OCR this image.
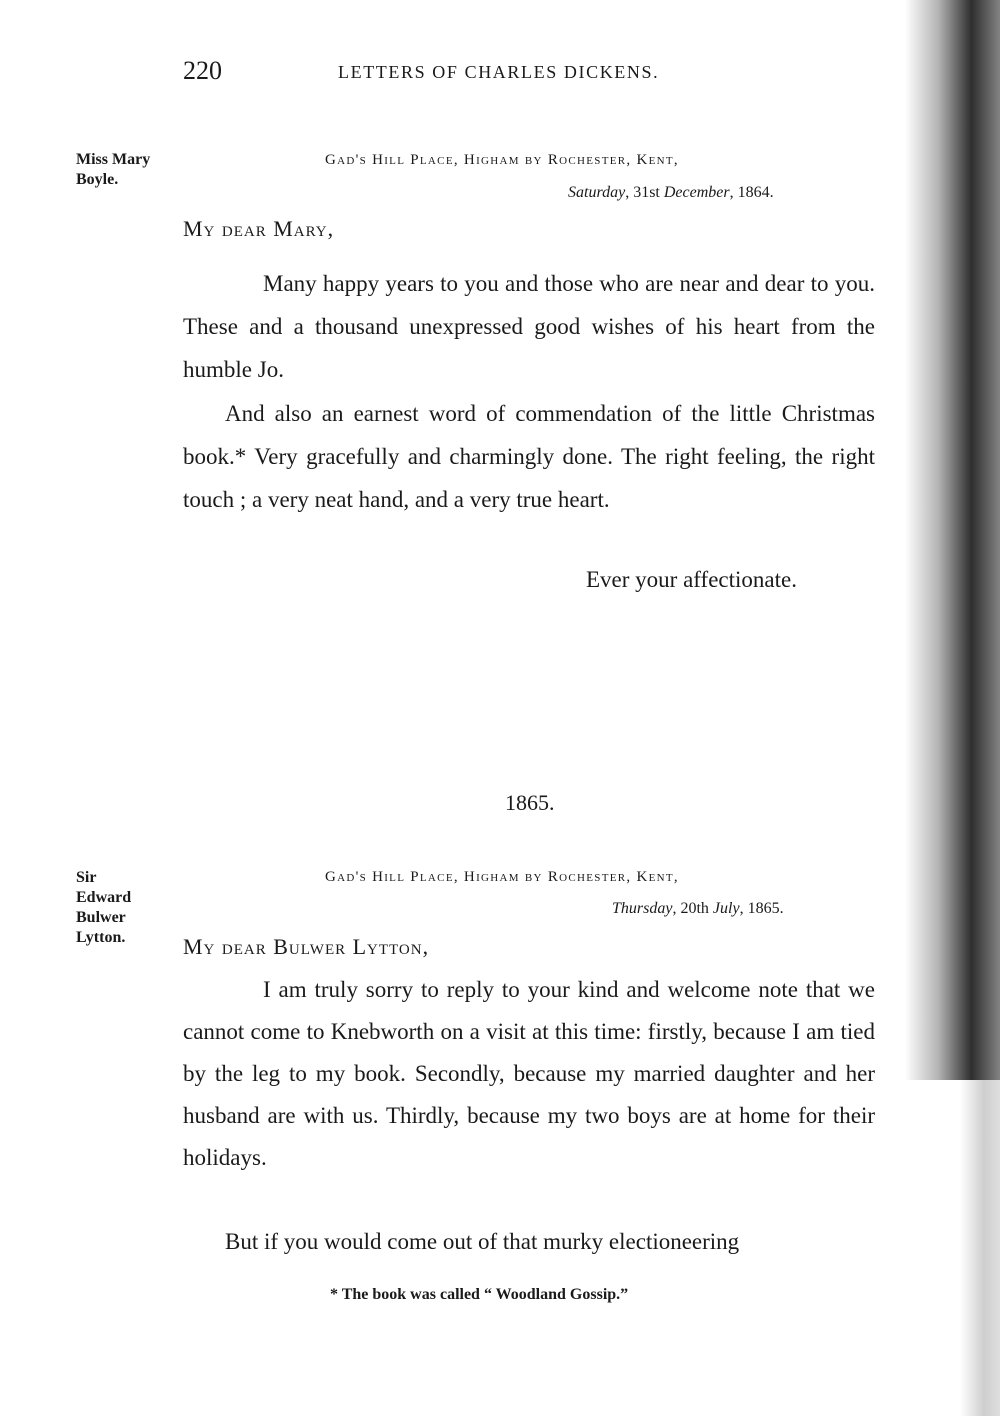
220	LETTERS OF CHARLES DICKENS.
Miss Mary
Boyle.
Gad's Hill Place, Higham by Rochester, Kent,
Saturday, 31st December, 1864.
My dear Mary,

Many happy years to you and those who are near and dear to you. These and a thousand unexpressed good wishes of his heart from the humble Jo.

And also an earnest word of commendation of the little Christmas book.* Very gracefully and charmingly done. The right feeling, the right touch ; a very neat hand, and a very true heart.

Ever your affectionate.
1865.
Sir
Edward
Bulwer
Lytton.
Gad's Hill Place, Higham by Rochester, Kent,
Thursday, 20th July, 1865.
My dear Bulwer Lytton,

I am truly sorry to reply to your kind and welcome note that we cannot come to Knebworth on a visit at this time: firstly, because I am tied by the leg to my book. Secondly, because my married daughter and her husband are with us. Thirdly, because my two boys are at home for their holidays.

But if you would come out of that murky electioneering

* The book was called “ Woodland Gossip.”
